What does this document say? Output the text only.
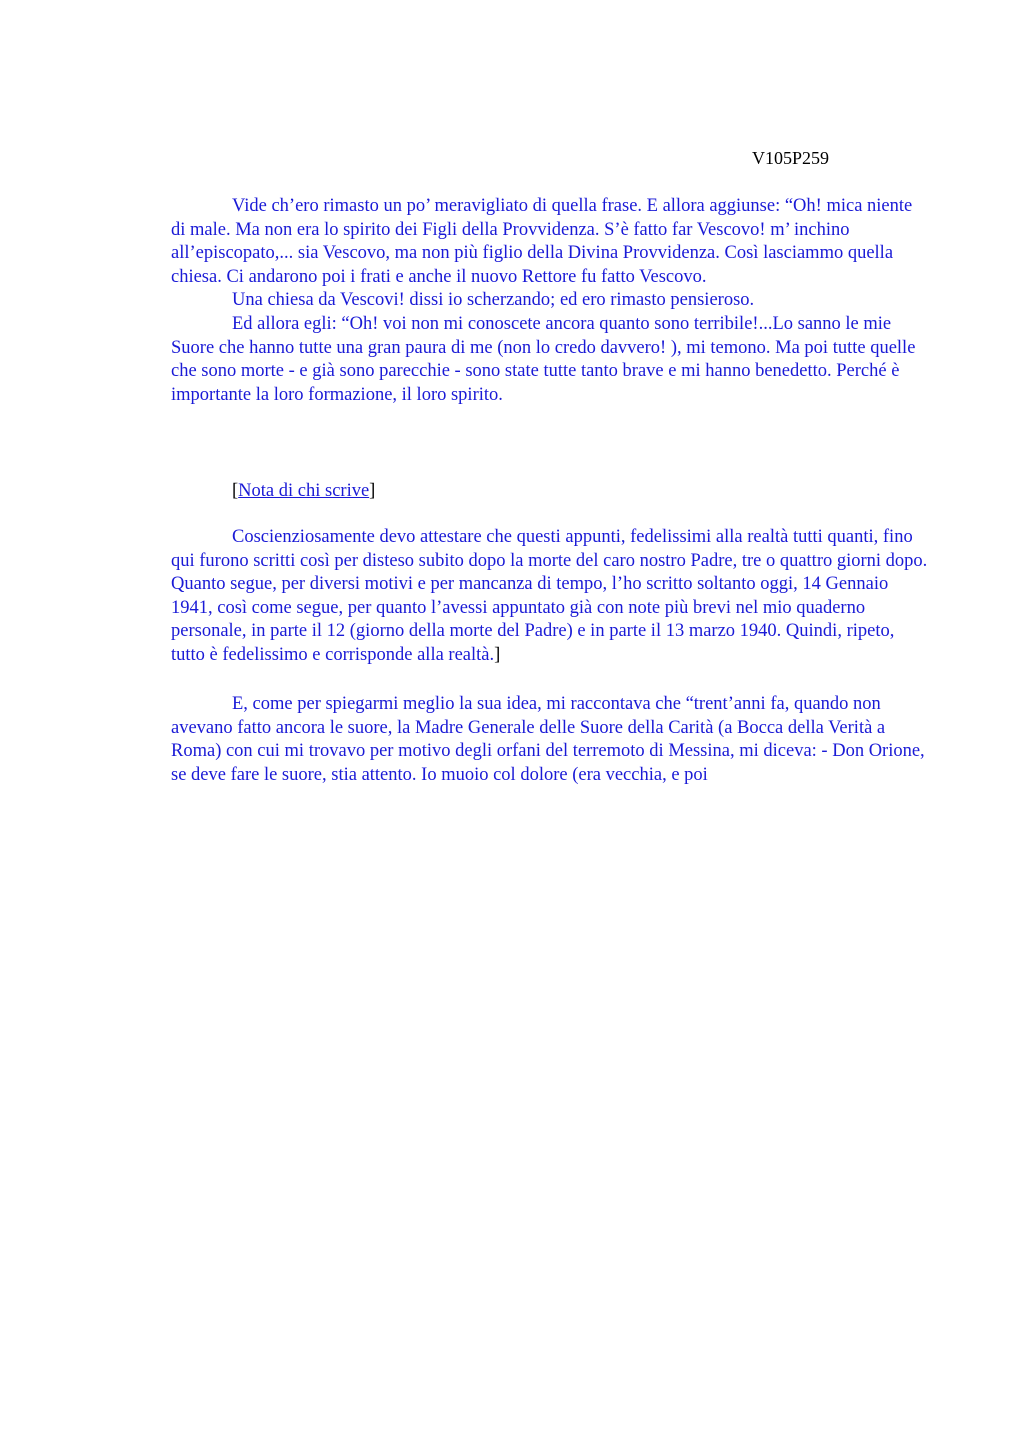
V105P259

Vide ch’ero rimasto un po’ meravigliato di quella frase. E allora aggiunse: “Oh! mica niente di male. Ma non era lo spirito dei Figli della Provvidenza. S’è fatto far Vescovo! m’ inchino all’episcopato,... sia Vescovo, ma non più figlio della Divina Provvidenza. Così lasciammo quella chiesa. Ci andarono poi i frati e anche il nuovo Rettore fu fatto Vescovo.

Una chiesa da Vescovi! dissi io scherzando; ed ero rimasto pensieroso.

Ed allora egli: “Oh! voi non mi conoscete ancora quanto sono terribile!...Lo sanno le mie Suore che hanno tutte una gran paura di me (non lo credo davvero! ), mi temono. Ma poi tutte quelle che sono morte - e già sono parecchie - sono state tutte tanto brave e mi hanno benedetto. Perché è importante la loro formazione, il loro spirito.

[Nota di chi scrive]

Coscienziosamente devo attestare che questi appunti, fedelissimi alla realtà tutti quanti, fino qui furono scritti così per disteso subito dopo la morte del caro nostro Padre, tre o quattro giorni dopo. Quanto segue, per diversi motivi e per mancanza di tempo, l’ho scritto soltanto oggi, 14 Gennaio 1941, così come segue, per quanto l’avessi appuntato già con note più brevi nel mio quaderno personale, in parte il 12 (giorno della morte del Padre) e in parte il 13 marzo 1940. Quindi, ripeto, tutto è fedelissimo e corrisponde alla realtà.]

E, come per spiegarmi meglio la sua idea, mi raccontava che “trent’anni fa, quando non avevano fatto ancora le suore, la Madre Generale delle Suore della Carità (a Bocca della Verità a Roma) con cui mi trovavo per motivo degli orfani del terremoto di Messina, mi diceva: - Don Orione, se deve fare le suore, stia attento. Io muoio col dolore (era vecchia, e poi
